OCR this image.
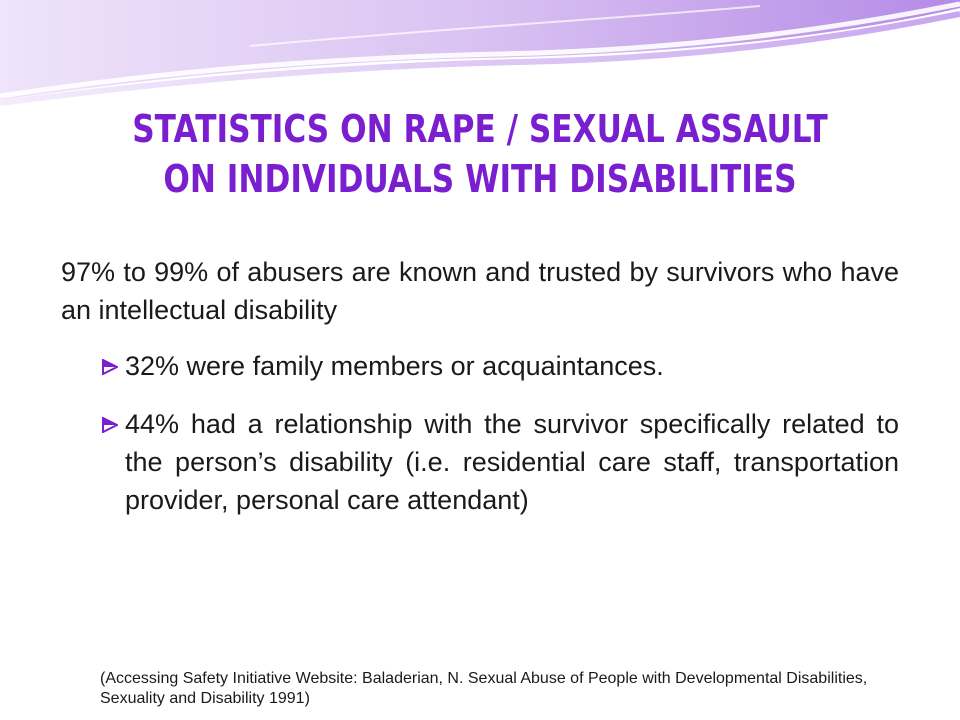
STATISTICS ON RAPE / SEXUAL ASSAULT
ON INDIVIDUALS WITH DISABILITIES

97% to 99% of abusers are known and trusted by survivors who have an intellectual disability

32% were family members or acquaintances.
44% had a relationship with the survivor specifically related to the person’s disability (i.e. residential care staff, transportation provider, personal care attendant)

(Accessing Safety Initiative Website: Baladerian, N. Sexual Abuse of People with Developmental Disabilities, Sexuality and Disability 1991)
